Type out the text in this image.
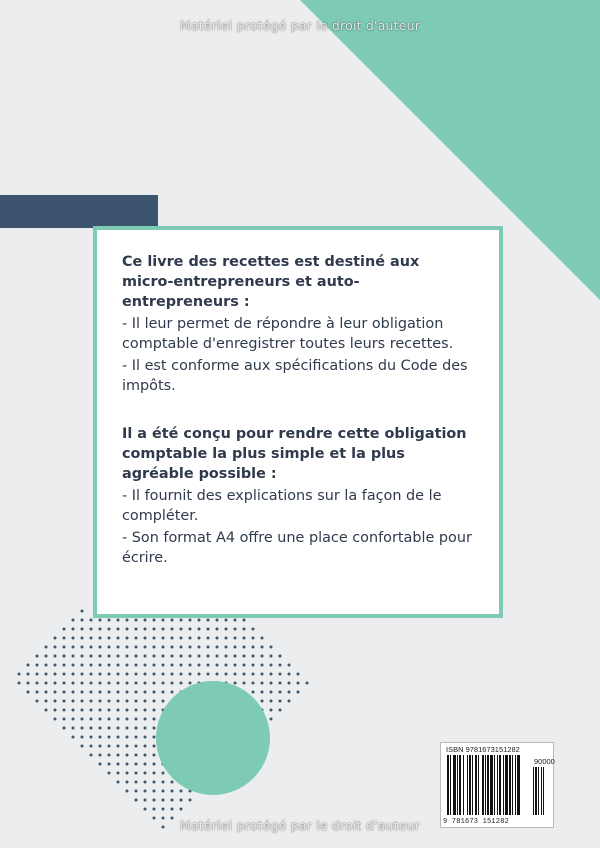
Matériel protégé par le droit d'auteur

Ce livre des recettes est destiné aux micro-entrepreneurs et auto-entrepreneurs :

- Il leur permet de répondre à leur obligation comptable d'enregistrer toutes leurs recettes.

- Il est conforme aux spécifications du Code des impôts.

Il a été conçu pour rendre cette obligation comptable la plus simple et la plus agréable possible :

- Il fournit des explications sur la façon de le compléter.

- Son format A4 offre une place confortable pour écrire.

ISBN 9781673151282
90000
9 781673 151282
Matériel protégé par le droit d'auteur
